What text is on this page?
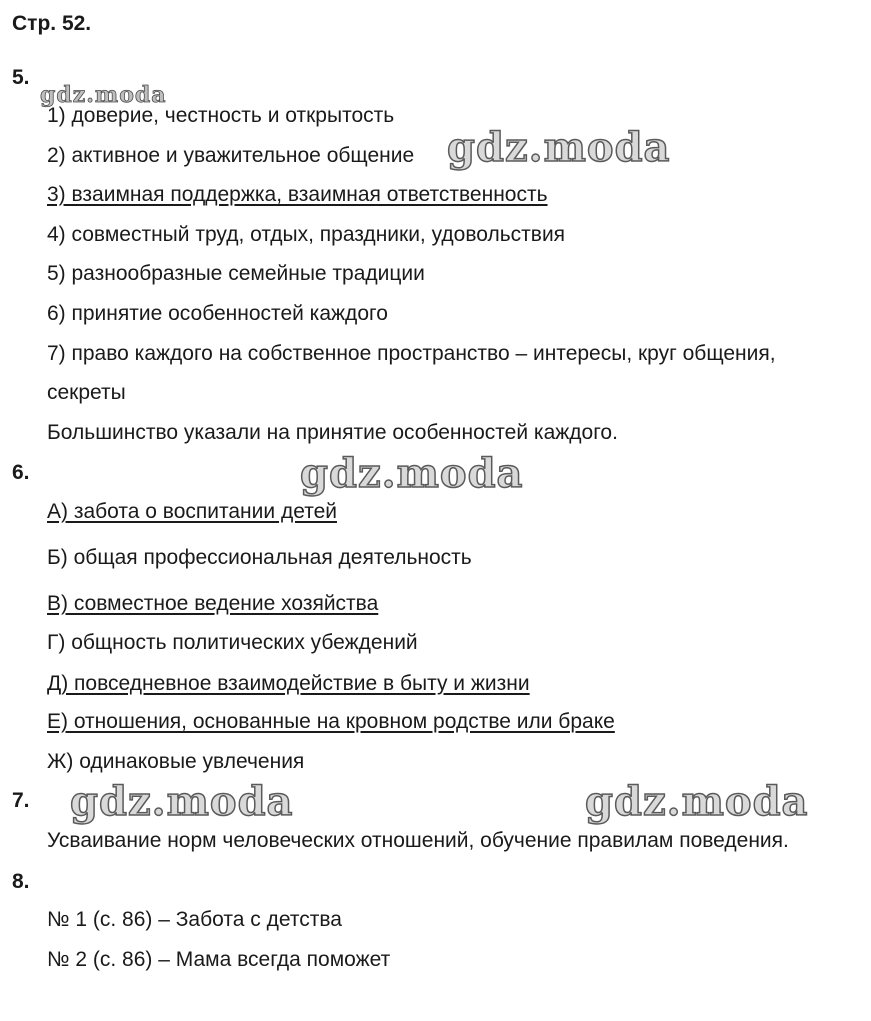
Стр. 52.
5.
gdz.moda
1) доверие, честность и открытость
2) активное и уважительное общение gdz.moda
3) взаимная поддержка, взаимная ответственность
4) совместный труд, отдых, праздники, удовольствия
5) разнообразные семейные традиции
6) принятие особенностей каждого
7) право каждого на собственное пространство – интересы, круг общения,
секреты
Большинство указали на принятие особенностей каждого.
6.	gdz.moda
А) забота о воспитании детей
Б) общая профессиональная деятельность
В) совместное ведение хозяйства
Г) общность политических убеждений
Д) повседневное взаимодействие в быту и жизни
Е) отношения, основанные на кровном родстве или браке
Ж) одинаковые увлечения
7. gdz.moda	gdz.moda
Усваивание норм человеческих отношений, обучение правилам поведения.
8.
№ 1 (с. 86) – Забота с детства
№ 2 (с. 86) – Мама всегда поможет
